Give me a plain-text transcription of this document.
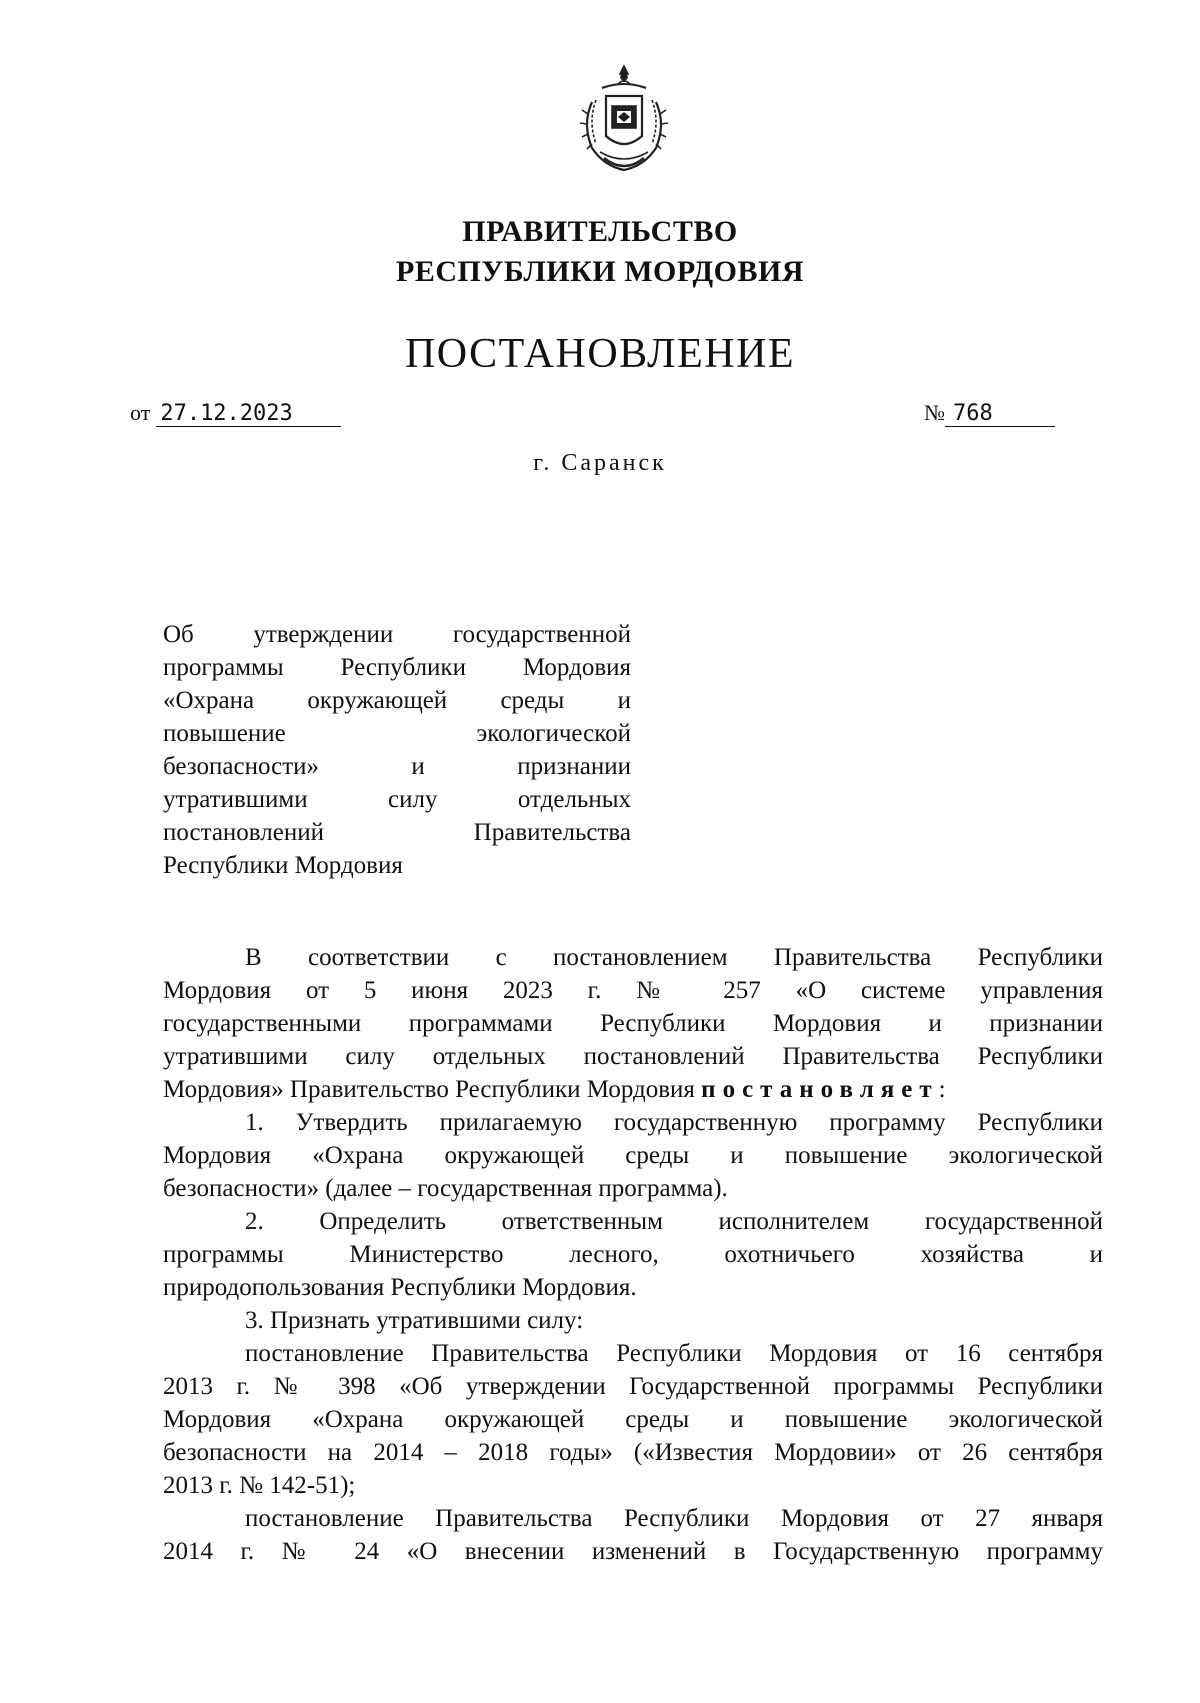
ПРАВИТЕЛЬСТВО
РЕСПУБЛИКИ МОРДОВИЯ
ПОСТАНОВЛЕНИЕ
от 27.12.2023	№ 768
г. Саранск
Об утверждении государственной
программы Республики Мордовия
«Охрана окружающей среды и
повышение экологической
безопасности» и признании
утратившими силу отдельных
постановлений Правительства
Республики Мордовия
В соответствии с постановлением Правительства Республики
Мордовия от 5 июня 2023 г. № 257 «О системе управления
государственными программами Республики Мордовия и признании
утратившими силу отдельных постановлений Правительства Республики
Мордовия» Правительство Республики Мордовия постановляет:
1. Утвердить прилагаемую государственную программу Республики
Мордовия «Охрана окружающей среды и повышение экологической
безопасности» (далее – государственная программа).
2. Определить ответственным исполнителем государственной
программы Министерство лесного, охотничьего хозяйства и
природопользования Республики Мордовия.
3. Признать утратившими силу:
постановление Правительства Республики Мордовия от 16 сентября
2013 г. № 398 «Об утверждении Государственной программы Республики
Мордовия «Охрана окружающей среды и повышение экологической
безопасности на 2014 – 2018 годы» («Известия Мордовии» от 26 сентября
2013 г. № 142-51);
постановление Правительства Республики Мордовия от 27 января
2014 г. № 24 «О внесении изменений в Государственную программу
